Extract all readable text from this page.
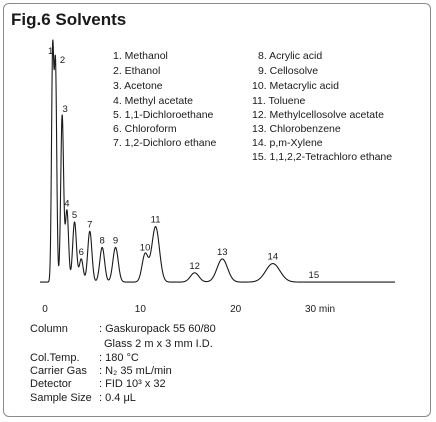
Fig.6 Solvents
0	10	20	30 min
1
2
3
4
5
6
7
8 9
10
11
12
13	14
15
1. Methanol
2. Ethanol
3. Acetone
4. Methyl acetate
5. 1,1-Dichloroethane
6. Chloroform
7. 1,2-Dichloro ethane
8. Acrylic acid
9. Cellosolve
10. Metacrylic acid
11. Toluene
12. Methylcellosolve acetate
13. Chlorobenzene
14. p,m-Xylene
15. 1,1,2,2-Tetrachloro ethane
Column	: Gaskuropack 55 60/80
Glass 2 m x 3 mm I.D.
Col.Temp. : 180 °C
Carrier Gas : N₂ 35 mL/min
Detector : FID 10³ x 32
Sample Size : 0.4 μL
